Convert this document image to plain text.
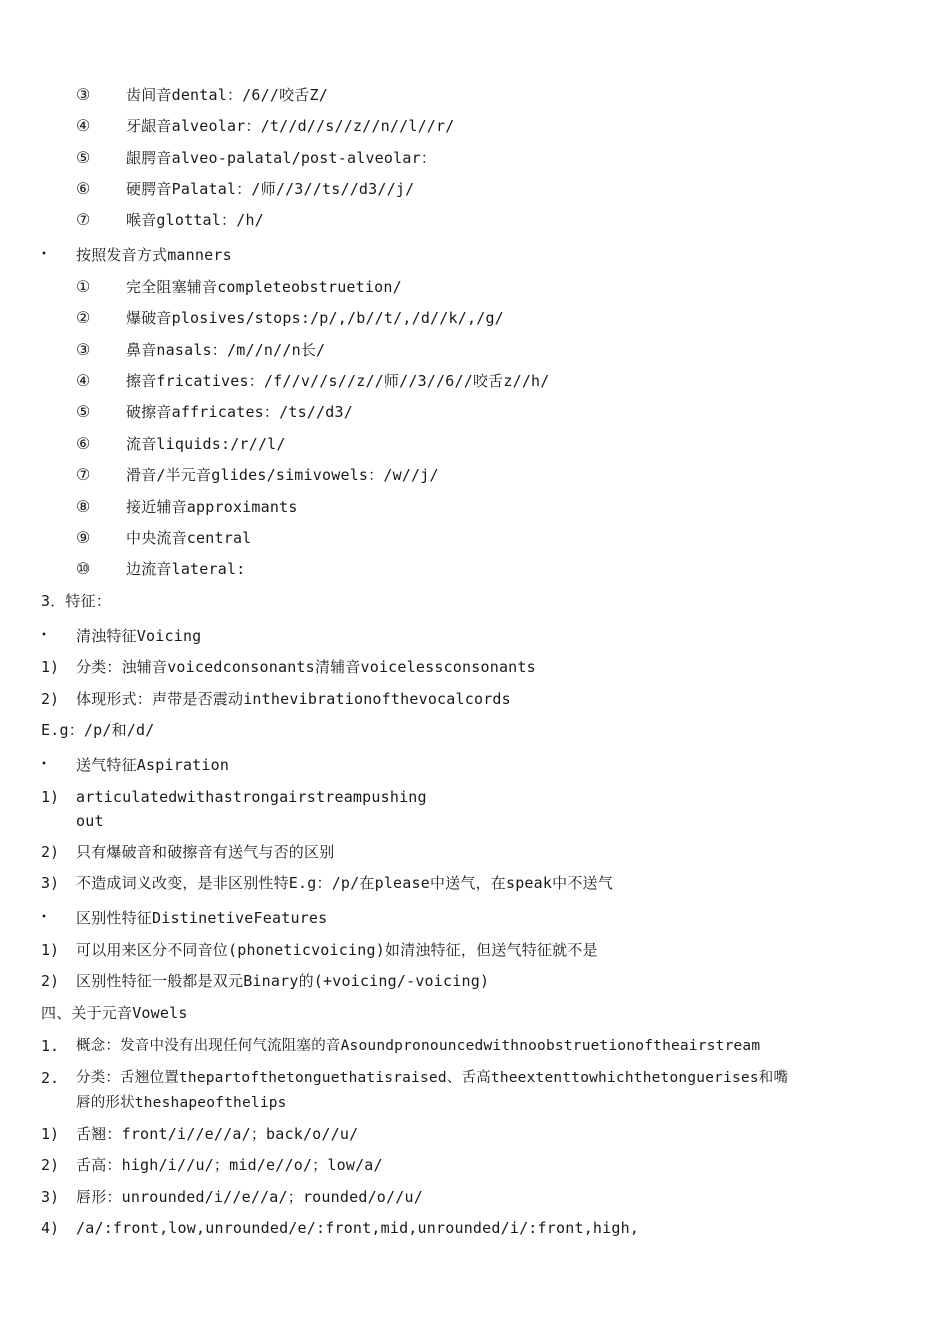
③ 齿间音dental：/6//咬舌Z/
④ 牙龈音alveolar：/t//d//s//z//n//l//r/
⑤ 龈腭音alveo-palatal/post-alveolar：
⑥ 硬腭音Palatal：/师//3//ts//d3//j/
⑦ 喉音glottal：/h/
• 按照发音方式manners
① 完全阻塞辅音completeobstruetion/
② 爆破音plosives/stops:/p/,/b//t/,/d//k/,/g/
③ 鼻音nasals：/m//n//n长/
④ 擦音fricatives：/f//v//s//z//师//3//6//咬舌z//h/
⑤ 破擦音affricates：/ts//d3/
⑥ 流音liquids:/r//l/
⑦ 滑音/半元音glides/simivowels：/w//j/
⑧ 接近辅音approximants
⑨ 中央流音central
⑩ 边流音lateral:
3．特征：
• 清浊特征Voicing
1) 分类：浊辅音voicedconsonants清辅音voicelessconsonants
2) 体现形式：声带是否震动inthevibrationofthevocalcords
E.g：/p/和/d/
• 送气特征Aspiration
1) articulatedwithastrongairstreampushing
out
2) 只有爆破音和破擦音有送气与否的区别
3) 不造成词义改变，是非区别性特E.g：/p/在please中送气，在speak中不送气
• 区别性特征DistinetiveFeatures
1) 可以用来区分不同音位(phoneticvoicing)如清浊特征，但送气特征就不是
2) 区别性特征一般都是双元Binary的(+voicing/-voicing)
四、关于元音Vowels
1. 概念：发音中没有出现任何气流阻塞的音Asoundpronouncedwithnoobstruetionoftheairstream
2. 分类：舌翘位置thepartofthetonguethatisraised、舌高theextenttowhichthetonguerises和嘴
唇的形状theshapeofthelips
1) 舌翘：front/i//e//a/；back/o//u/
2) 舌高：high/i//u/；mid/e//o/；low/a/
3) 唇形：unrounded/i//e//a/；rounded/o//u/
4) /a/:front,low,unrounded/e/:front,mid,unrounded/i/:front,high,
